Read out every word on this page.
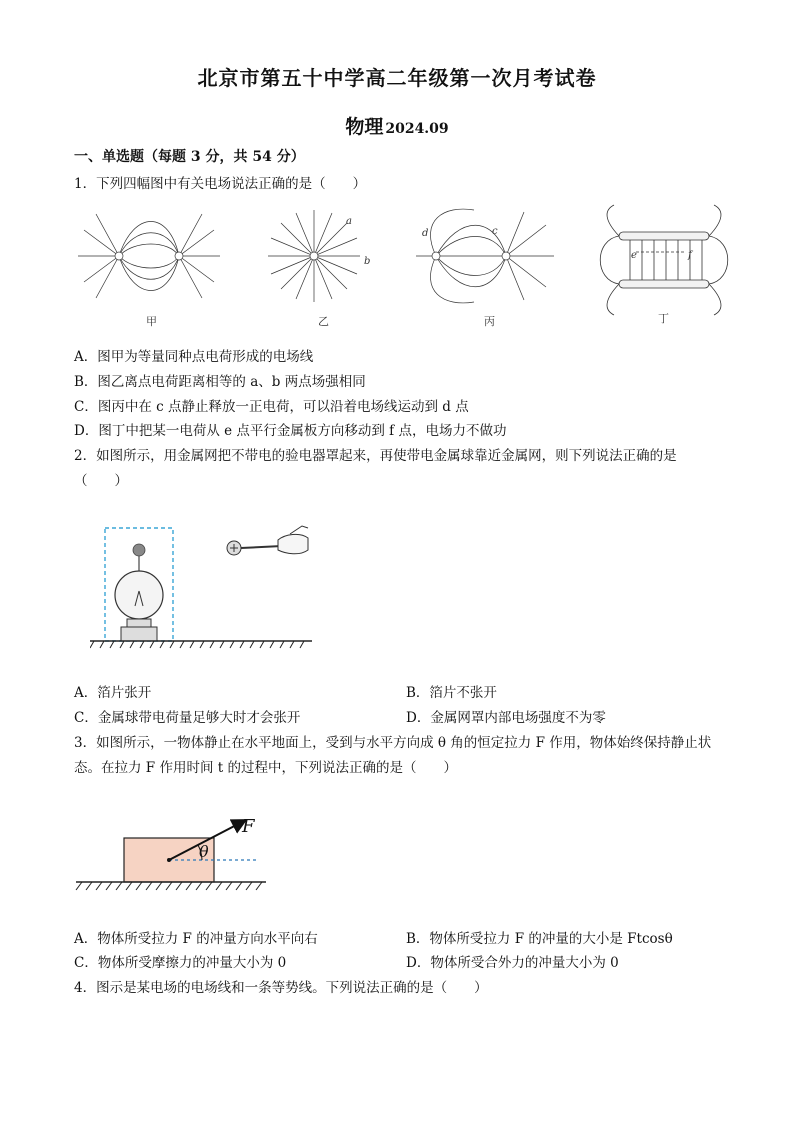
北京市第五十中学高二年级第一次月考试卷
物理 2024.09
一、单选题（每题 3 分，共 54 分）
1．下列四幅图中有关电场说法正确的是（　　）
甲
a
b
乙
d	c
丙
e	f
丁
A．图甲为等量同种点电荷形成的电场线
B．图乙离点电荷距离相等的 a、b 两点场强相同
C．图丙中在 c 点静止释放一正电荷，可以沿着电场线运动到 d 点
D．图丁中把某一电荷从 e 点平行金属板方向移动到 f 点，电场力不做功
2．如图所示，用金属网把不带电的验电器罩起来，再使带电金属球靠近金属网，则下列说法正确的是
（　　）
A．箔片张开	B．箔片不张开
C．金属球带电荷量足够大时才会张开	D．金属网罩内部电场强度不为零
3．如图所示，一物体静止在水平地面上，受到与水平方向成 θ 角的恒定拉力 F 作用，物体始终保持静止状
态。在拉力 F 作用时间 t 的过程中，下列说法正确的是（　　）
F
θ
A．物体所受拉力 F 的冲量方向水平向右	B．物体所受拉力 F 的冲量的大小是 Ftcosθ
C．物体所受摩擦力的冲量大小为 0	D．物体所受合外力的冲量大小为 0
4．图示是某电场的电场线和一条等势线。下列说法正确的是（　　）
